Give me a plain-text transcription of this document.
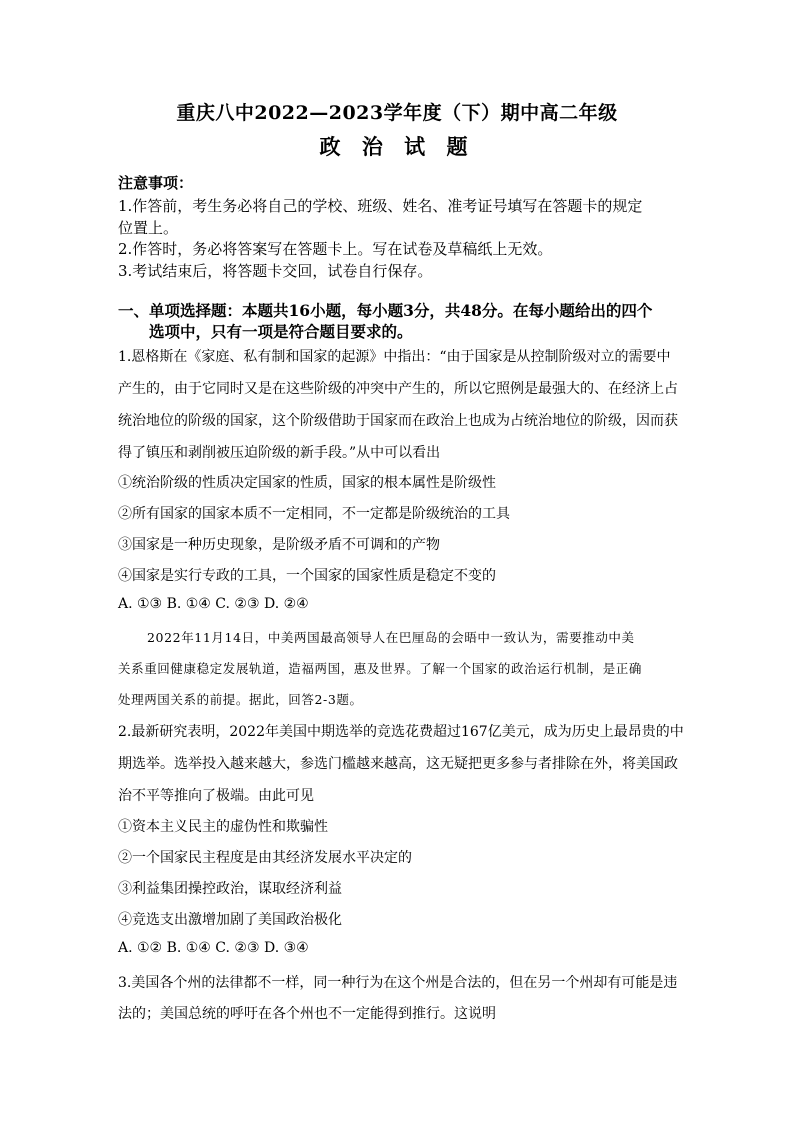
重庆八中2022—2023学年度（下）期中高二年级
政 治 试 题
注意事项：
1.作答前，考生务必将自己的学校、班级、姓名、准考证号填写在答题卡的规定
位置上。
2.作答时，务必将答案写在答题卡上。写在试卷及草稿纸上无效。
3.考试结束后，将答题卡交回，试卷自行保存。
一、单项选择题：本题共16小题，每小题3分，共48分。在每小题给出的四个
选项中，只有一项是符合题目要求的。
1.恩格斯在《家庭、私有制和国家的起源》中指出：“由于国家是从控制阶级对立的需要中
产生的，由于它同时又是在这些阶级的冲突中产生的，所以它照例是最强大的、在经济上占
统治地位的阶级的国家，这个阶级借助于国家而在政治上也成为占统治地位的阶级，因而获
得了镇压和剥削被压迫阶级的新手段。”从中可以看出
①统治阶级的性质决定国家的性质，国家的根本属性是阶级性
②所有国家的国家本质不一定相同，不一定都是阶级统治的工具
③国家是一种历史现象，是阶级矛盾不可调和的产物
④国家是实行专政的工具，一个国家的国家性质是稳定不变的
A. ①③ B. ①④ C. ②③ D. ②④
2022年11月14日，中美两国最高领导人在巴厘岛的会晤中一致认为，需要推动中美
关系重回健康稳定发展轨道，造福两国，惠及世界。了解一个国家的政治运行机制，是正确
处理两国关系的前提。据此，回答2-3题。
2.最新研究表明，2022年美国中期选举的竞选花费超过167亿美元，成为历史上最昂贵的中
期选举。选举投入越来越大，参选门槛越来越高，这无疑把更多参与者排除在外，将美国政
治不平等推向了极端。由此可见
①资本主义民主的虚伪性和欺骗性
②一个国家民主程度是由其经济发展水平决定的
③利益集团操控政治，谋取经济利益
④竞选支出激增加剧了美国政治极化
A. ①② B. ①④ C. ②③ D. ③④
3.美国各个州的法律都不一样，同一种行为在这个州是合法的，但在另一个州却有可能是违
法的；美国总统的呼吁在各个州也不一定能得到推行。这说明
